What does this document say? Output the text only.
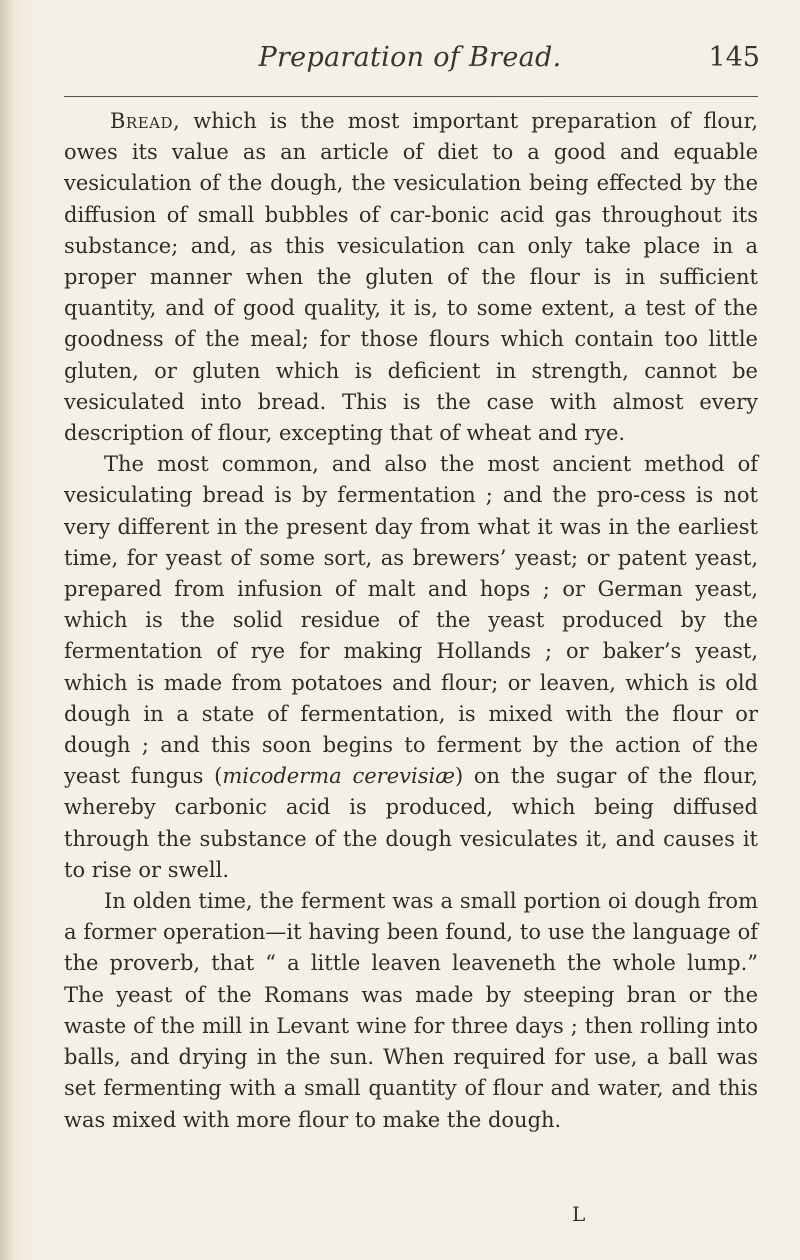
Preparation of Bread.	145

Bread, which is the most important preparation of flour, owes its value as an article of diet to a good and equable vesiculation of the dough, the vesiculation being effected by the diffusion of small bubbles of car-bonic acid gas throughout its substance; and, as this vesiculation can only take place in a proper manner when the gluten of the flour is in sufficient quantity, and of good quality, it is, to some extent, a test of the goodness of the meal; for those flours which contain too little gluten, or gluten which is deficient in strength, cannot be vesiculated into bread. This is the case with almost every description of flour, excepting that of wheat and rye.

The most common, and also the most ancient method of vesiculating bread is by fermentation ; and the pro-cess is not very different in the present day from what it was in the earliest time, for yeast of some sort, as brewers’ yeast; or patent yeast, prepared from infusion of malt and hops ; or German yeast, which is the solid residue of the yeast produced by the fermentation of rye for making Hollands ; or baker’s yeast, which is made from potatoes and flour; or leaven, which is old dough in a state of fermentation, is mixed with the flour or dough ; and this soon begins to ferment by the action of the yeast fungus (micoderma cerevisiæ) on the sugar of the flour, whereby carbonic acid is produced, which being diffused through the substance of the dough vesiculates it, and causes it to rise or swell.

In olden time, the ferment was a small portion oi dough from a former operation—it having been found, to use the language of the proverb, that “ a little leaven leaveneth the whole lump.” The yeast of the Romans was made by steeping bran or the waste of the mill in Levant wine for three days ; then rolling into balls, and drying in the sun. When required for use, a ball was set fermenting with a small quantity of flour and water, and this was mixed with more flour to make the dough.

L
